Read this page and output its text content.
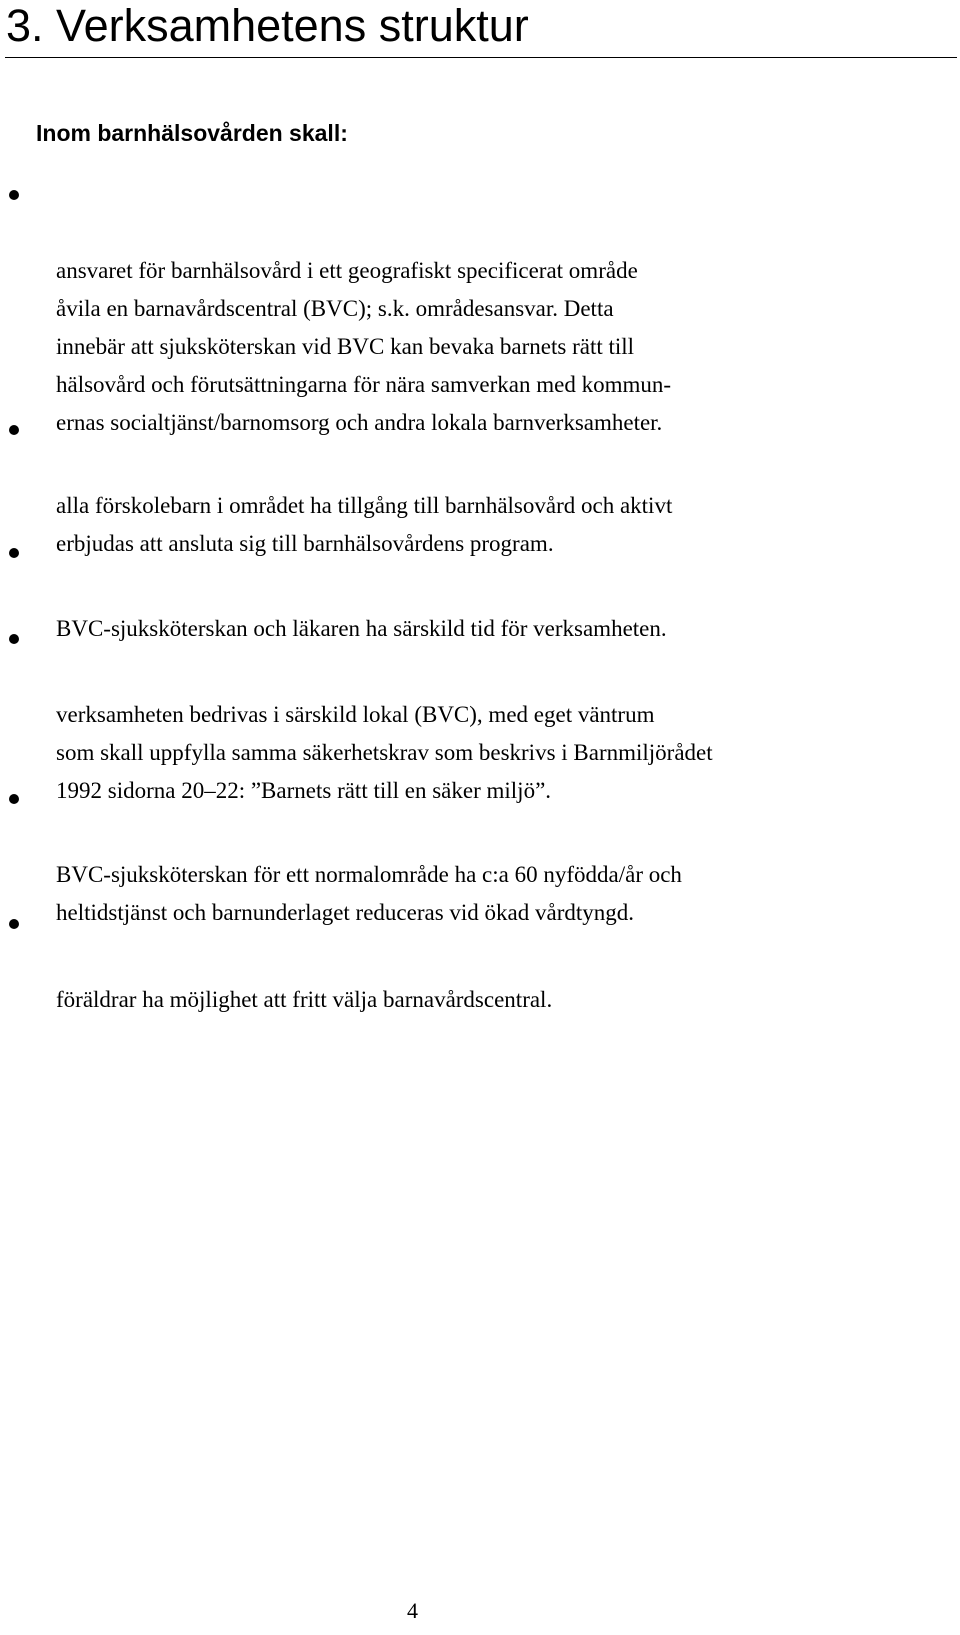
3. Verksamhetens struktur
Inom barnhälsovården skall:

ansvaret för barnhälsovård i ett geografiskt specificerat område
åvila en barnavårdscentral (BVC); s.k. områdesansvar. Detta
innebär att sjuksköterskan vid BVC kan bevaka barnets rätt till
hälsovård och förutsättningarna för nära samverkan med kommun-
ernas socialtjänst/barnomsorg och andra lokala barnverksamheter.

alla förskolebarn i området ha tillgång till barnhälsovård och aktivt
erbjudas att ansluta sig till barnhälsovårdens program.

BVC-sjuksköterskan och läkaren ha särskild tid för verksamheten.

verksamheten bedrivas i särskild lokal (BVC), med eget väntrum
som skall uppfylla samma säkerhetskrav som beskrivs i Barnmiljörådet
1992 sidorna 20–22: ”Barnets rätt till en säker miljö”.

BVC-sjuksköterskan för ett normalområde ha c:a 60 nyfödda/år och
heltidstjänst och barnunderlaget reduceras vid ökad vårdtyngd.

föräldrar ha möjlighet att fritt välja barnavårdscentral.

4
